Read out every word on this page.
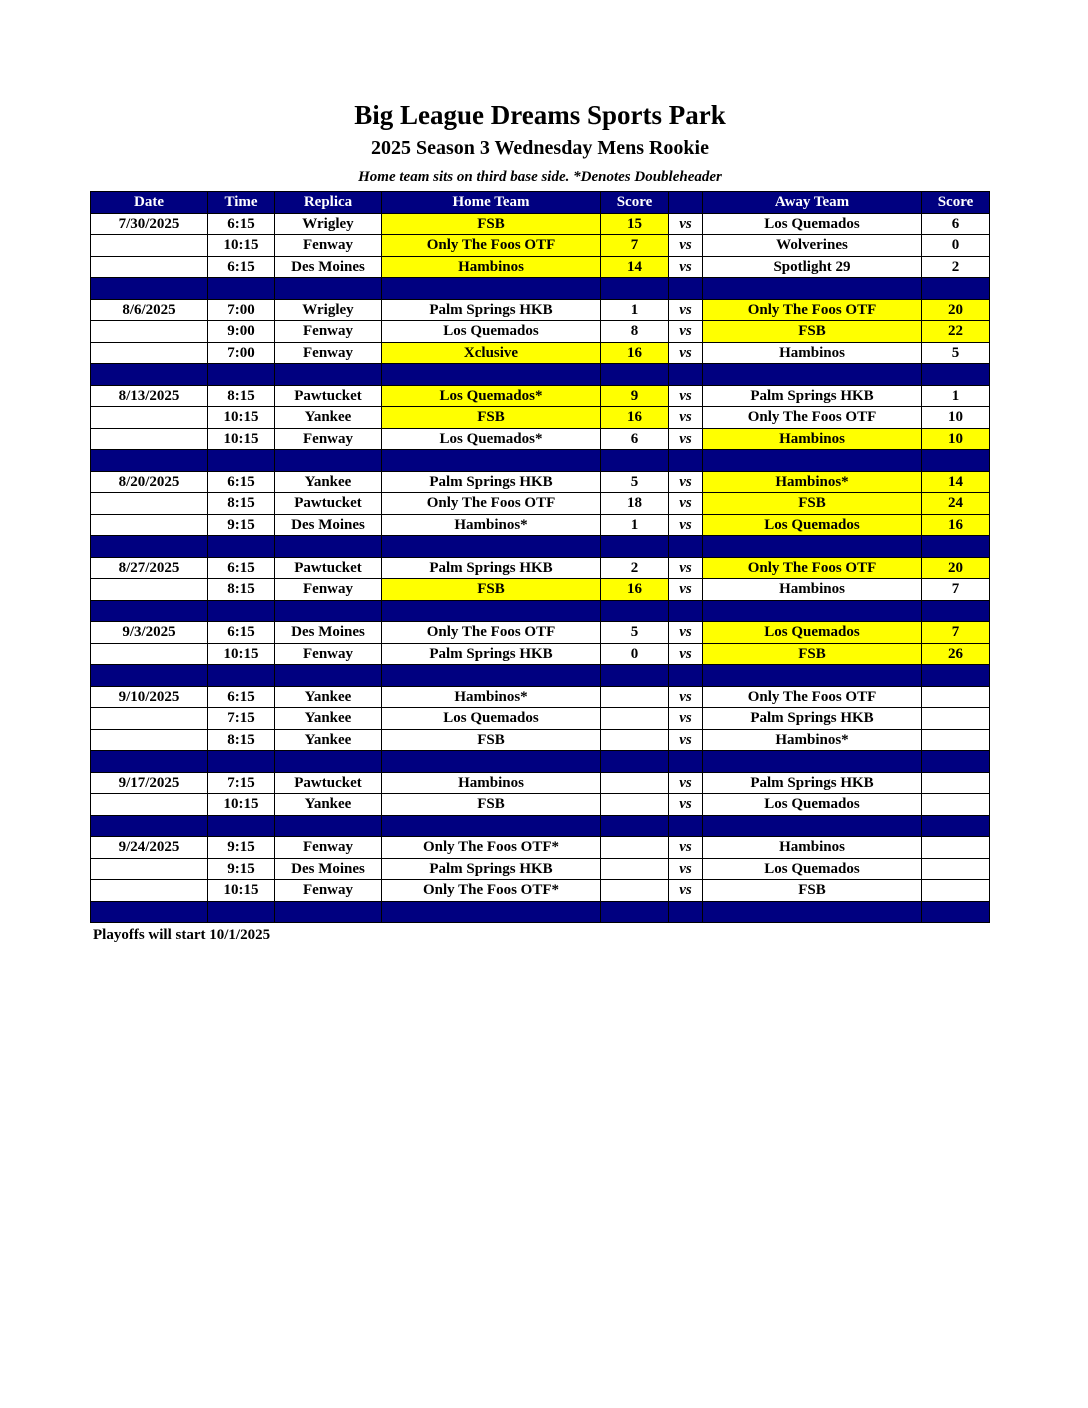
Big League Dreams Sports Park
2025 Season 3 Wednesday Mens Rookie
Home team sits on third base side. *Denotes Doubleheader
Date	Time	Replica	Home Team	Score		Away Team	Score
7/30/2025	6:15	Wrigley	FSB	15	vs	Los Quemados	6
	10:15	Fenway	Only The Foos OTF	7	vs	Wolverines	0
	6:15	Des Moines	Hambinos	14	vs	Spotlight 29	2

8/6/2025	7:00	Wrigley	Palm Springs HKB	1	vs	Only The Foos OTF	20
	9:00	Fenway	Los Quemados	8	vs	FSB	22
	7:00	Fenway	Xclusive	16	vs	Hambinos	5

8/13/2025	8:15	Pawtucket	Los Quemados*	9	vs	Palm Springs HKB	1
	10:15	Yankee	FSB	16	vs	Only The Foos OTF	10
	10:15	Fenway	Los Quemados*	6	vs	Hambinos	10

8/20/2025	6:15	Yankee	Palm Springs HKB	5	vs	Hambinos*	14
	8:15	Pawtucket	Only The Foos OTF	18	vs	FSB	24
	9:15	Des Moines	Hambinos*	1	vs	Los Quemados	16

8/27/2025	6:15	Pawtucket	Palm Springs HKB	2	vs	Only The Foos OTF	20
	8:15	Fenway	FSB	16	vs	Hambinos	7

9/3/2025	6:15	Des Moines	Only The Foos OTF	5	vs	Los Quemados	7
	10:15	Fenway	Palm Springs HKB	0	vs	FSB	26

9/10/2025	6:15	Yankee	Hambinos*		vs	Only The Foos OTF	
	7:15	Yankee	Los Quemados		vs	Palm Springs HKB	
	8:15	Yankee	FSB		vs	Hambinos*	

9/17/2025	7:15	Pawtucket	Hambinos		vs	Palm Springs HKB	
	10:15	Yankee	FSB		vs	Los Quemados	

9/24/2025	9:15	Fenway	Only The Foos OTF*		vs	Hambinos	
	9:15	Des Moines	Palm Springs HKB		vs	Los Quemados	
	10:15	Fenway	Only The Foos OTF*		vs	FSB	

Playoffs will start 10/1/2025
